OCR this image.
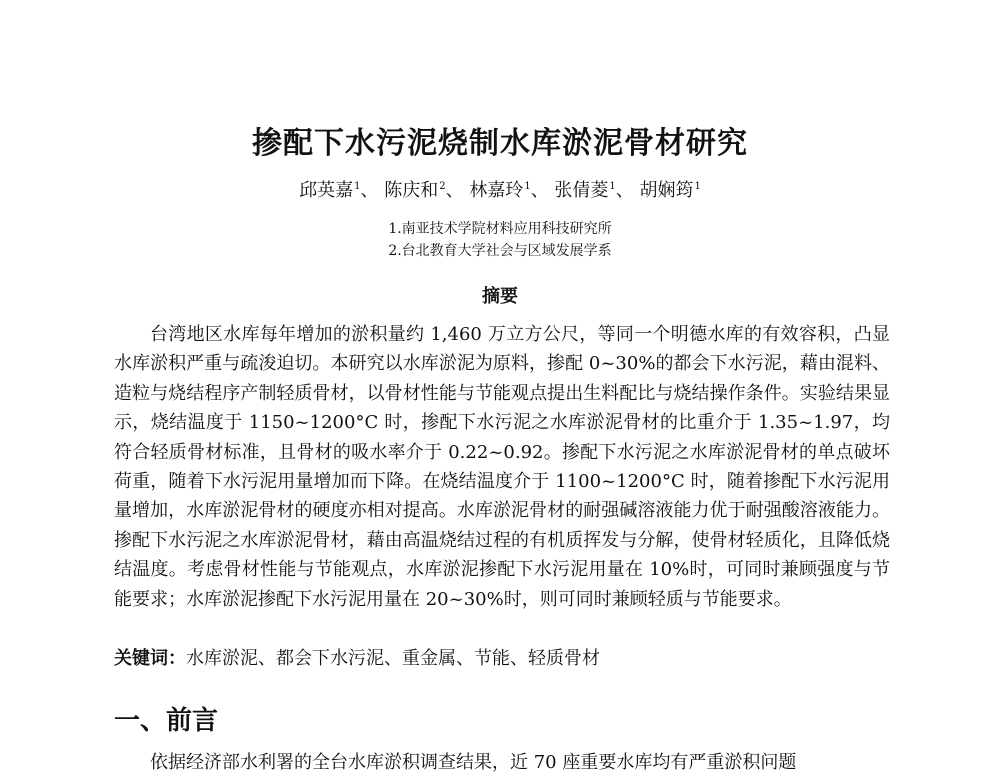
掺配下水污泥烧制水库淤泥骨材研究
邱英嘉$^1$、 陈庆和$^2$、 林嘉玲$^1$、 张倩菱$^1$、 胡娴筠$^1$
1.南亚技术学院材料应用科技研究所
2.台北教育大学社会与区域发展学系
摘要

台湾地区水库每年增加的淤积量约 1,460 万立方公尺，等同一个明德水库的有效容积，凸显水库淤积严重与疏浚迫切。本研究以水库淤泥为原料，掺配 0~30%的都会下水污泥，藉由混料、造粒与烧结程序产制轻质骨材，以骨材性能与节能观点提出生料配比与烧结操作条件。实验结果显示，烧结温度于 1150~1200°C 时，掺配下水污泥之水库淤泥骨材的比重介于 1.35~1.97，均符合轻质骨材标准，且骨材的吸水率介于 0.22~0.92。掺配下水污泥之水库淤泥骨材的单点破坏荷重，随着下水污泥用量增加而下降。在烧结温度介于 1100~1200°C 时，随着掺配下水污泥用量增加，水库淤泥骨材的硬度亦相对提高。水库淤泥骨材的耐强碱溶液能力优于耐强酸溶液能力。掺配下水污泥之水库淤泥骨材，藉由高温烧结过程的有机质挥发与分解，使骨材轻质化，且降低烧结温度。考虑骨材性能与节能观点，水库淤泥掺配下水污泥用量在 10%时，可同时兼顾强度与节能要求；水库淤泥掺配下水污泥用量在 20~30%时，则可同时兼顾轻质与节能要求。

关键词：水库淤泥、都会下水污泥、重金属、节能、轻质骨材
一、前言
依据经济部水利署的全台水库淤积调查结果，近 70 座重要水库均有严重淤积问题
